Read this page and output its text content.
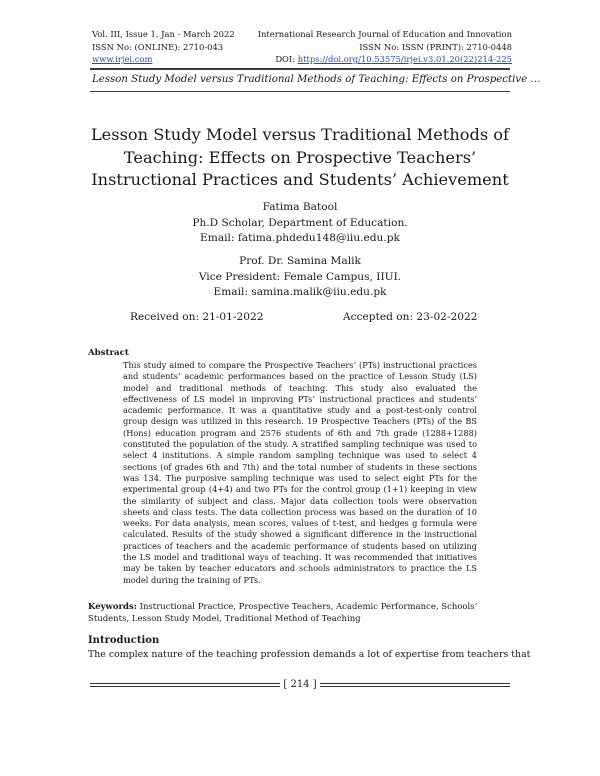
Vol. III, Issue 1, Jan - March 2022	International Research Journal of Education and Innovation
ISSN No: (ONLINE): 2710-043	ISSN No: ISSN (PRINT): 2710-0448
www.irjei.com	DOI: https://doi.org/10.53575/irjei.v3.01.20(22)214-225
Lesson Study Model versus Traditional Methods of Teaching: Effects on Prospective …
Lesson Study Model versus Traditional Methods of Teaching: Effects on Prospective Teachers’ Instructional Practices and Students’ Achievement
Fatima Batool
Ph.D Scholar, Department of Education.
Email: fatima.phdedu148@iiu.edu.pk
Prof. Dr. Samina Malik
Vice President: Female Campus, IIUI.
Email: samina.malik@iiu.edu.pk
Received on: 21-01-2022	Accepted on: 23-02-2022
Abstract
This study aimed to compare the Prospective Teachers’ (PTs) instructional practices and students’ academic performances based on the practice of Lesson Study (LS) model and traditional methods of teaching. This study also evaluated the effectiveness of LS model in improving PTs’ instructional practices and students’ academic performance. It was a quantitative study and a post-test-only control group design was utilized in this research. 19 Prospective Teachers (PTs) of the BS (Hons) education program and 2576 students of 6th and 7th grade (1288+1288) constituted the population of the study. A stratified sampling technique was used to select 4 institutions. A simple random sampling technique was used to select 4 sections (of grades 6th and 7th) and the total number of students in these sections was 134. The purposive sampling technique was used to select eight PTs for the experimental group (4+4) and two PTs for the control group (1+1) keeping in view the similarity of subject and class. Major data collection tools were observation sheets and class tests. The data collection process was based on the duration of 10 weeks. For data analysis, mean scores, values of t-test, and hedges g formula were calculated. Results of the study showed a significant difference in the instructional practices of teachers and the academic performance of students based on utilizing the LS model and traditional ways of teaching. It was recommended that initiatives may be taken by teacher educators and schools administrators to practice the LS model during the training of PTs.
Keywords: Instructional Practice, Prospective Teachers, Academic Performance, Schools’ Students, Lesson Study Model, Traditional Method of Teaching
Introduction
The complex nature of the teaching profession demands a lot of expertise from teachers that
[ 214 ]
